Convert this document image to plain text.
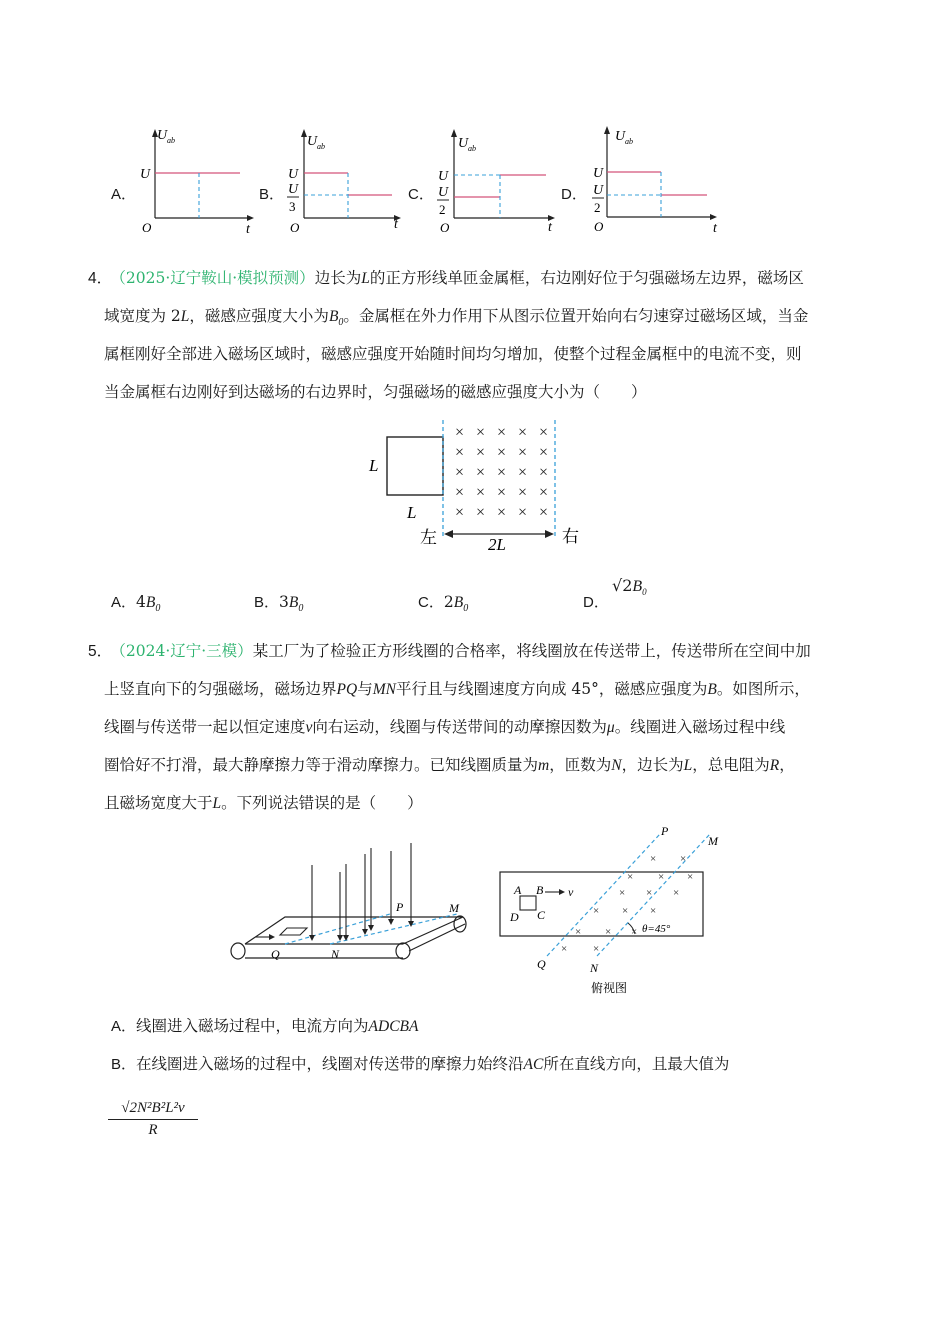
A．
U ab
U
O	t
B．
U ab
U
U
3
O	t
C．
U ab
U
U
2
O	t
D．
U ab
U
U
2
O	t
4． （2025·辽宁鞍山·模拟预测）边长为L的正方形线单匝金属框，右边刚好位于匀强磁场左边界，磁场区
域宽度为 2L，磁感应强度大小为$B_0$。金属框在外力作用下从图示位置开始向右匀速穿过磁场区域，当金
属框刚好全部进入磁场区域时，磁感应强度开始随时间均匀增加，使整个过程金属框中的电流不变，则
当金属框右边刚好到达磁场的右边界时，匀强磁场的磁感应强度大小为（　　）
L
L
× × × × ×
× × × × ×
× × × × ×
× × × × ×
× × × × ×
左	右
2L
A．$4B_0$	B．$3B_0$	C．$2B_0$	D．
$√2B_0$
5． （2024·辽宁·三模）某工厂为了检验正方形线圈的合格率，将线圈放在传送带上，传送带所在空间中加
上竖直向下的匀强磁场，磁场边界PQ与MN平行且与线圈速度方向成 45°，磁感应强度为B。如图所示，
线圈与传送带一起以恒定速度v向右运动，线圈与传送带间的动摩擦因数为μ。线圈进入磁场过程中线
圈恰好不打滑，最大静摩擦力等于滑动摩擦力。已知线圈质量为m，匝数为N，边长为L，总电阻为R，
且磁场宽度大于L。下列说法错误的是（　　）
P	M
Q	N
× ×
× × ×
× × ×
× × ×
× × ×
× ×
P
M
Q	N
A B
C
D
v
θ=45°
俯视图
A．线圈进入磁场过程中，电流方向为ADCBA
B．在线圈进入磁场的过程中，线圈对传送带的摩擦力始终沿AC所在直线方向，且最大值为
$\frac{\text{√2N²B²L²v}}{R}$
